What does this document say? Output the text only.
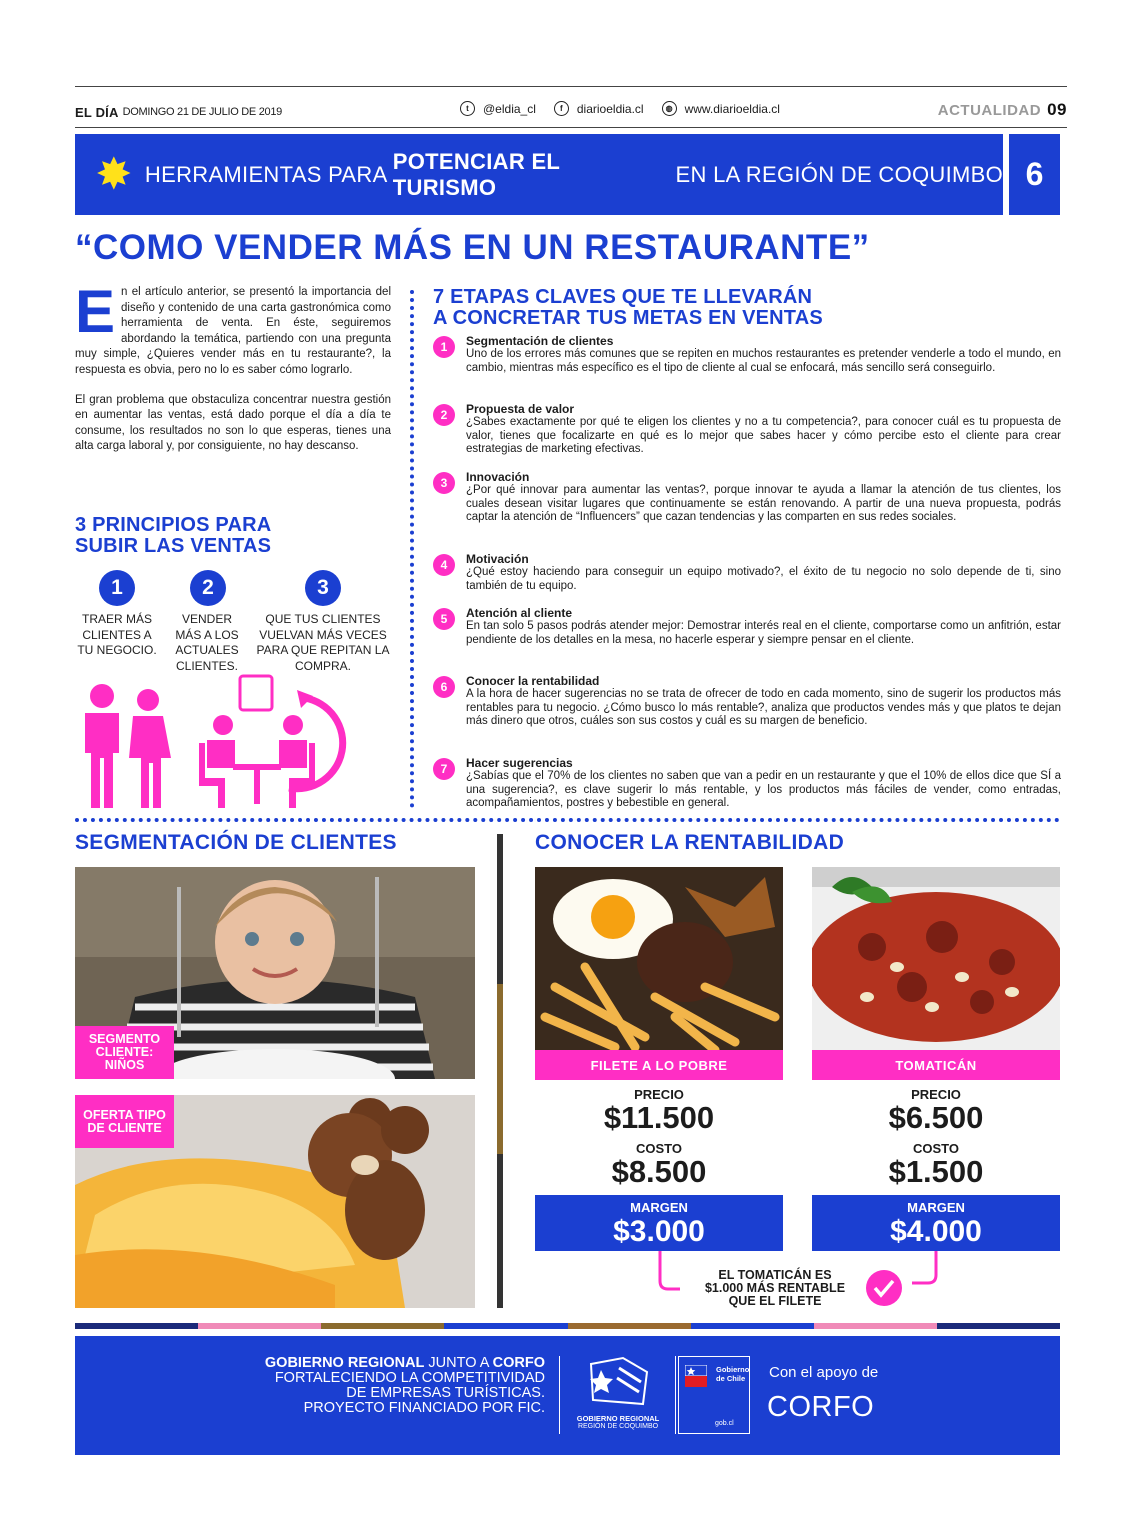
EL DÍA DOMINGO 21 DE JULIO DE 2019	t	@eldia_cl	f	diarioeldia.cl	◍	www.diarioeldia.cl	ACTUALIDAD 09
✸ HERRAMIENTAS PARA
POTENCIAR EL TURISMO
EN LA REGIÓN DE COQUIMBO 6
“COMO VENDER MÁS EN UN RESTAURANTE”

En el artículo anterior, se presentó la importancia del diseño y contenido de una carta gastronómica como herramienta de venta. En éste, seguiremos abordando la temática, partiendo con una pregunta muy simple, ¿Quieres vender más en tu restaurante?, la respuesta es obvia, pero no lo es saber cómo lograrlo.

El gran problema que obstaculiza concentrar nuestra gestión en aumentar las ventas, está dado porque el día a día te consume, los resultados no son lo que esperas, tienes una alta carga laboral y, por consiguiente, no hay descanso.

3 PRINCIPIOS PARA
SUBIR LAS VENTAS
1	2	3
TRAER MÁS CLIENTES A TU NEGOCIO.
VENDER MÁS A LOS ACTUALES CLIENTES.
QUE TUS CLIENTES VUELVAN MÁS VECES PARA QUE REPITAN LA COMPRA.
7 ETAPAS CLAVES QUE TE LLEVARÁN
A CONCRETAR TUS METAS EN VENTAS
1	Segmentación de clientes
Uno de los errores más comunes que se repiten en muchos restaurantes es pretender venderle a todo el mundo, en cambio, mientras más específico es el tipo de cliente al cual se enfocará, más sencillo será conseguirlo.
2	Propuesta de valor
¿Sabes exactamente por qué te eligen los clientes y no a tu competencia?, para conocer cuál es tu propuesta de valor, tienes que focalizarte en qué es lo mejor que sabes hacer y cómo percibe esto el cliente para crear estrategias de marketing efectivas.
3	Innovación
¿Por qué innovar para aumentar las ventas?, porque innovar te ayuda a llamar la atención de tus clientes, los cuales desean visitar lugares que continuamente se están renovando. A partir de una nueva propuesta, podrás captar la atención de “Influencers” que cazan tendencias y las comparten en sus redes sociales.
4	Motivación
¿Qué estoy haciendo para conseguir un equipo motivado?, el éxito de tu negocio no solo depende de ti, sino también de tu equipo.
5	Atención al cliente
En tan solo 5 pasos podrás atender mejor: Demostrar interés real en el cliente, comportarse como un anfitrión, estar pendiente de los detalles en la mesa, no hacerle esperar y siempre pensar en el cliente.
6	Conocer la rentabilidad
A la hora de hacer sugerencias no se trata de ofrecer de todo en cada momento, sino de sugerir los productos más rentables para tu negocio. ¿Cómo busco lo más rentable?, analiza que productos vendes más y que platos te dejan más dinero que otros, cuáles son sus costos y cuál es su margen de beneficio.
7	Hacer sugerencias
¿Sabías que el 70% de los clientes no saben que van a pedir en un restaurante y que el 10% de ellos dice que SÍ a una sugerencia?, es clave sugerir lo más rentable, y los productos más fáciles de vender, como entradas, acompañamientos, postres y bebestible en general.
SEGMENTACIÓN DE CLIENTES
SEGMENTO CLIENTE: NIÑOS
OFERTA TIPO DE CLIENTE
CONOCER LA RENTABILIDAD
FILETE A LO POBRE	TOMATICÁN
PRECIO
$11.500
COSTO
$8.500
MARGEN
$3.000
PRECIO
$6.500
COSTO
$1.500
MARGEN
$4.000
EL TOMATICÁN ES
$1.000 MÁS RENTABLE
QUE EL FILETE
GOBIERNO REGIONAL JUNTO A CORFO
FORTALECIENDO LA COMPETITIVIDAD
DE EMPRESAS TURÍSTICAS.
PROYECTO FINANCIADO POR FIC.
GOBIERNO REGIONAL
REGIÓN DE COQUIMBO
Gobierno
de Chile
gob.cl
Con el apoyo de
CORFO
